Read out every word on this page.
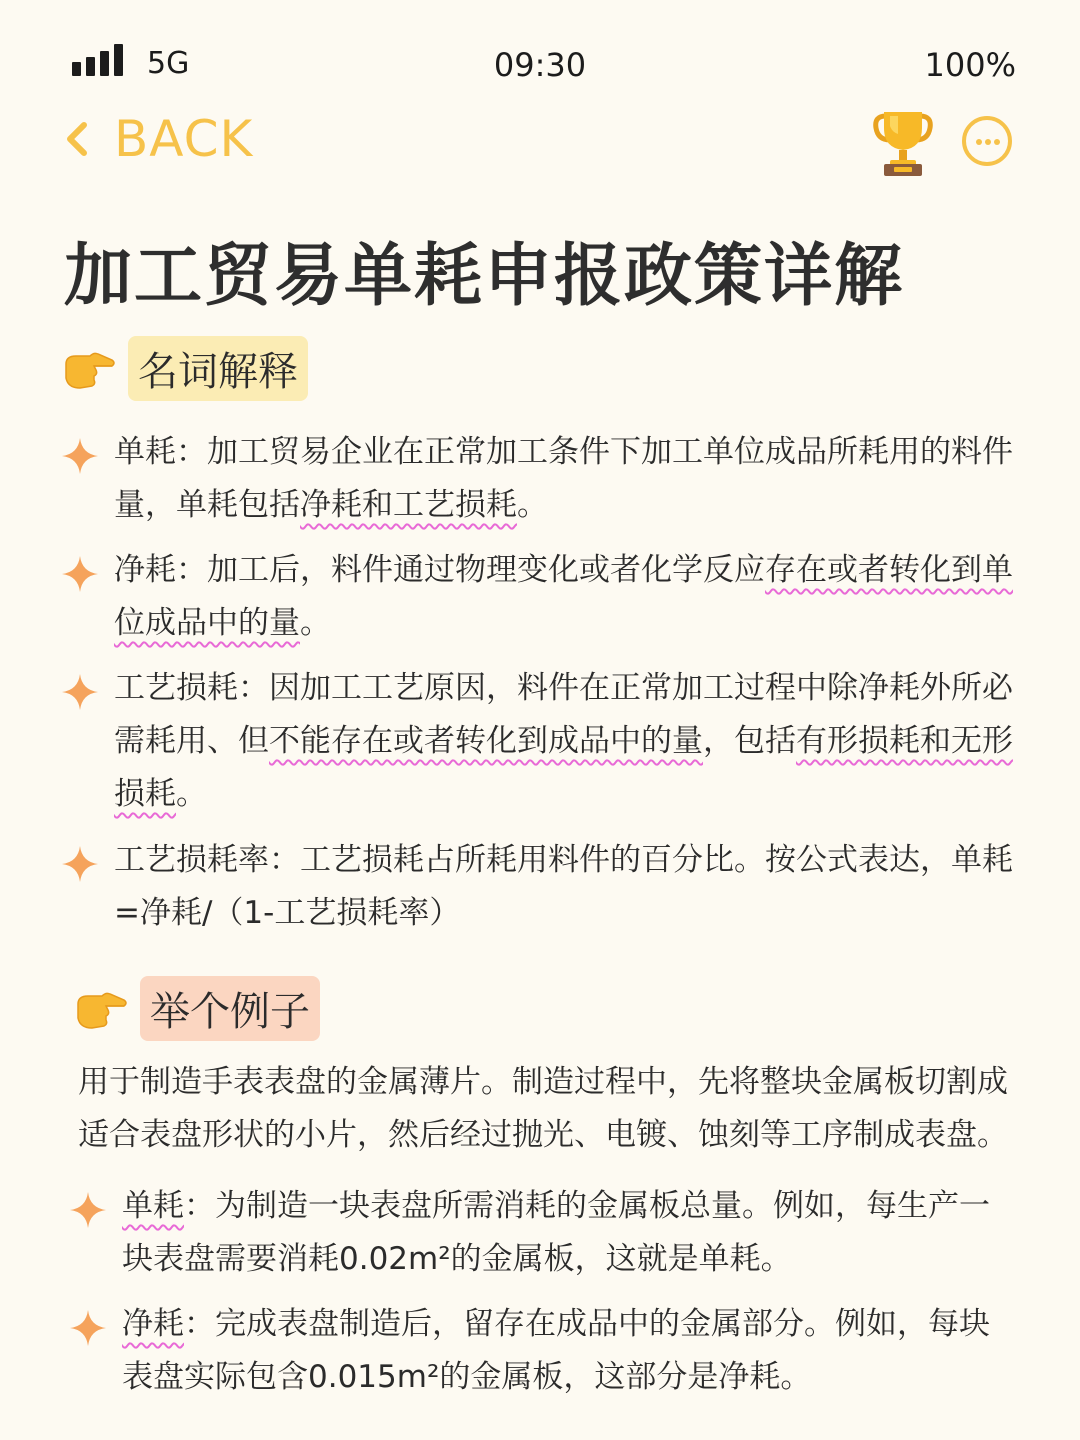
5G	09:30	100%
BACK
加工贸易单耗申报政策详解
名词解释
单耗：加工贸易企业在正常加工条件下加工单位成品所耗用的料件量，单耗包括净耗和工艺损耗。
净耗：加工后，料件通过物理变化或者化学反应存在或者转化到单位成品中的量。
工艺损耗：因加工工艺原因，料件在正常加工过程中除净耗外所必需耗用、但不能存在或者转化到成品中的量，包括有形损耗和无形损耗。
工艺损耗率：工艺损耗占所耗用料件的百分比。按公式表达，单耗=净耗/（1-工艺损耗率）
举个例子
用于制造手表表盘的金属薄片。制造过程中，先将整块金属板切割成适合表盘形状的小片，然后经过抛光、电镀、蚀刻等工序制成表盘。
单耗：为制造一块表盘所需消耗的金属板总量。例如，每生产一块表盘需要消耗0.02m²的金属板，这就是单耗。
净耗：完成表盘制造后，留存在成品中的金属部分。例如，每块表盘实际包含0.015m²的金属板，这部分是净耗。
